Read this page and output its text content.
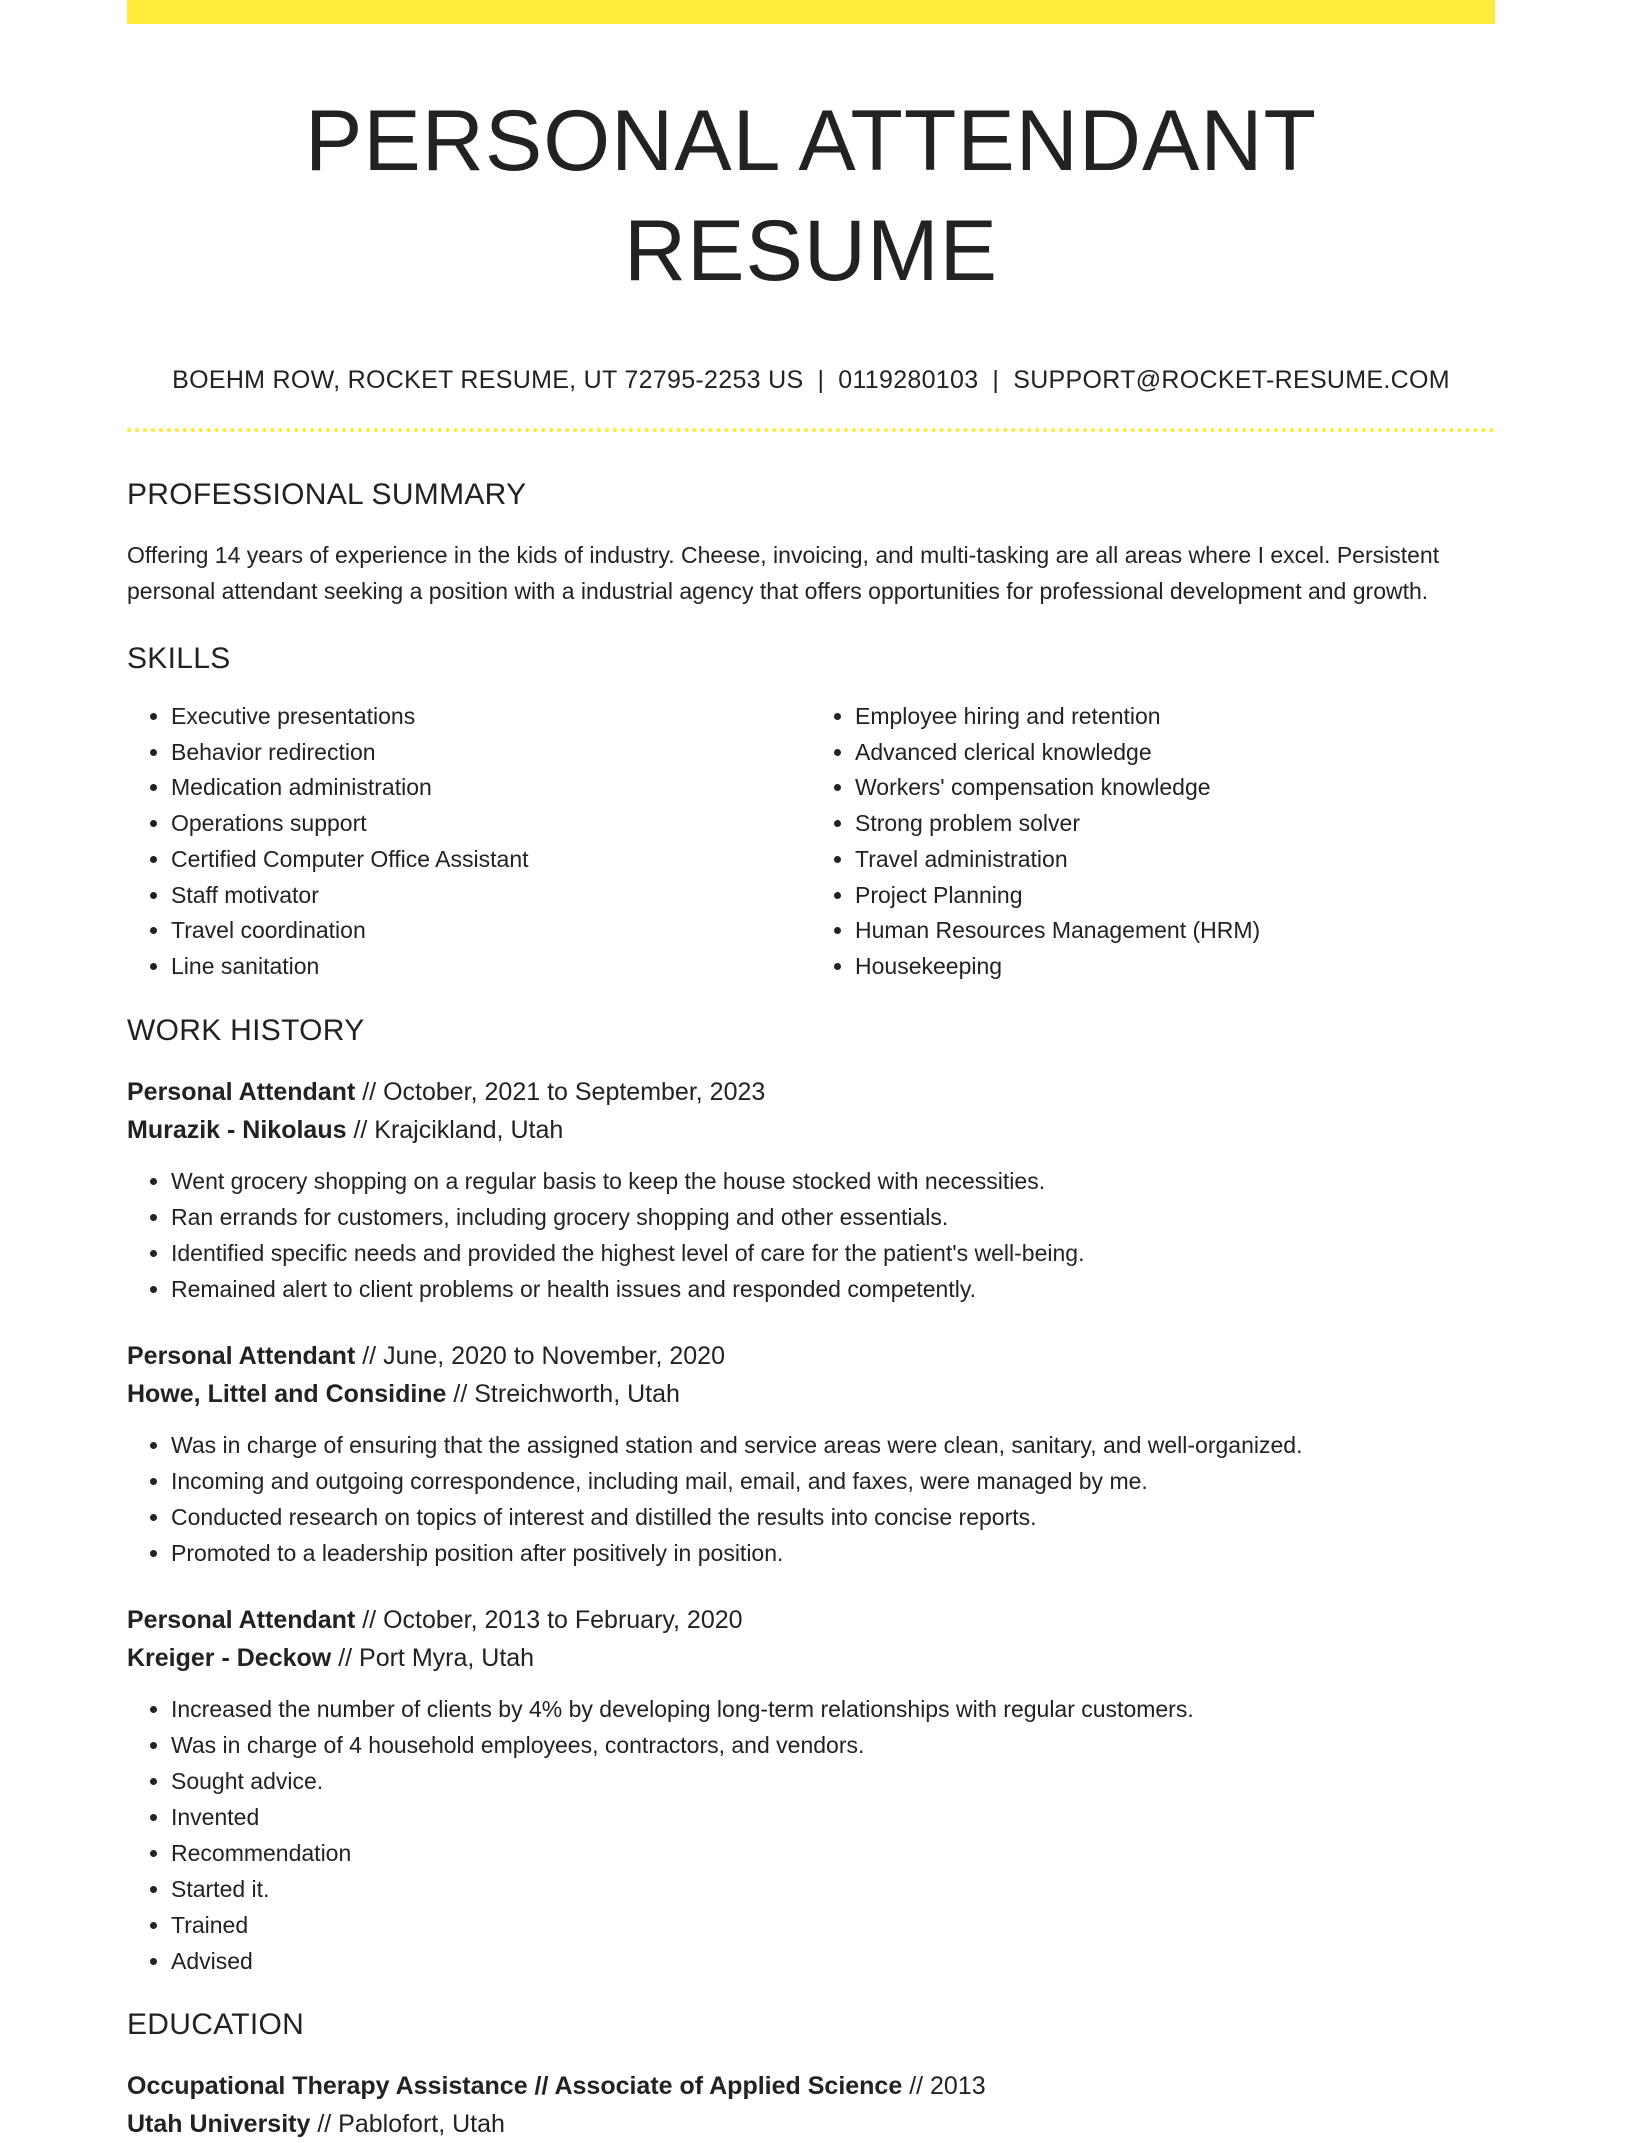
PERSONAL ATTENDANT RESUME
BOEHM ROW, ROCKET RESUME, UT 72795-2253 US | 0119280103 | SUPPORT@ROCKET-RESUME.COM
PROFESSIONAL SUMMARY

Offering 14 years of experience in the kids of industry. Cheese, invoicing, and multi-tasking are all areas where I excel. Persistent personal attendant seeking a position with a industrial agency that offers opportunities for professional development and growth.

SKILLS
• Executive presentations
• Behavior redirection
• Medication administration
• Operations support
• Certified Computer Office Assistant
• Staff motivator
• Travel coordination
• Line sanitation
• Employee hiring and retention
• Advanced clerical knowledge
• Workers' compensation knowledge
• Strong problem solver
• Travel administration
• Project Planning
• Human Resources Management (HRM)
• Housekeeping
WORK HISTORY
Personal Attendant // October, 2021 to September, 2023
Murazik - Nikolaus // Krajcikland, Utah
• Went grocery shopping on a regular basis to keep the house stocked with necessities.
• Ran errands for customers, including grocery shopping and other essentials.
• Identified specific needs and provided the highest level of care for the patient's well-being.
• Remained alert to client problems or health issues and responded competently.
Personal Attendant // June, 2020 to November, 2020
Howe, Littel and Considine // Streichworth, Utah
• Was in charge of ensuring that the assigned station and service areas were clean, sanitary, and well-organized.
• Incoming and outgoing correspondence, including mail, email, and faxes, were managed by me.
• Conducted research on topics of interest and distilled the results into concise reports.
• Promoted to a leadership position after positively in position.
Personal Attendant // October, 2013 to February, 2020
Kreiger - Deckow // Port Myra, Utah
• Increased the number of clients by 4% by developing long-term relationships with regular customers.
• Was in charge of 4 household employees, contractors, and vendors.
• Sought advice.
• Invented
• Recommendation
• Started it.
• Trained
• Advised
EDUCATION
Occupational Therapy Assistance // Associate of Applied Science // 2013
Utah University // Pablofort, Utah
